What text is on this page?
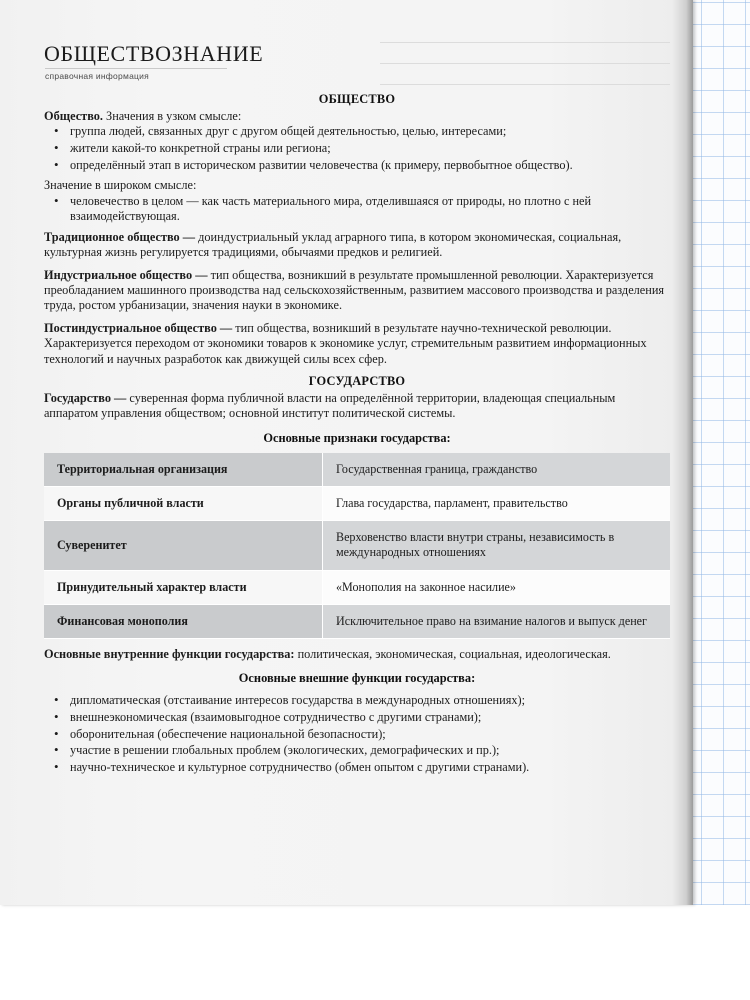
ОБЩЕСТВОЗНАНИЕ

справочная информация

ОБЩЕСТВО

Общество. Значения в узком смысле:

• группа людей, связанных друг с другом общей деятельностью, целью, интересами;
• жители какой-то конкретной страны или региона;
• определённый этап в историческом развитии человечества (к примеру, первобытное общество).

Значение в широком смысле:

• человечество в целом — как часть материального мира, отделившаяся от природы, но плотно с ней взаимодействующая.

Традиционное общество — доиндустриальный уклад аграрного типа, в котором экономическая, социальная, культурная жизнь регулируется традициями, обычаями предков и религией.

Индустриальное общество — тип общества, возникший в результате промышленной революции. Характеризуется преобладанием машинного производства над сельскохозяйственным, развитием массового производства и разделения труда, ростом урбанизации, значения науки в экономике.

Постиндустриальное общество — тип общества, возникший в результате научно-технической революции. Характеризуется переходом от экономики товаров к экономике услуг, стремительным развитием информационных технологий и научных разработок как движущей силы всех сфер.

ГОСУДАРСТВО

Государство — суверенная форма публичной власти на определённой территории, владеющая специальным аппаратом управления обществом; основной институт политической системы.

Основные признаки государства:
Территориальная организация	Государственная граница, гражданство
Органы публичной власти	Глава государства, парламент, правительство
Суверенитет	Верховенство власти внутри страны, независимость в международных отношениях
Принудительный характер власти	«Монополия на законное насилие»
Финансовая монополия	Исключительное право на взимание налогов и выпуск денег

Основные внутренние функции государства: политическая, экономическая, социальная, идеологическая.

Основные внешние функции государства:
• дипломатическая (отстаивание интересов государства в международных отношениях);
• внешнеэкономическая (взаимовыгодное сотрудничество с другими странами);
• оборонительная (обеспечение национальной безопасности);
• участие в решении глобальных проблем (экологических, демографических и пр.);
• научно-техническое и культурное сотрудничество (обмен опытом с другими странами).
